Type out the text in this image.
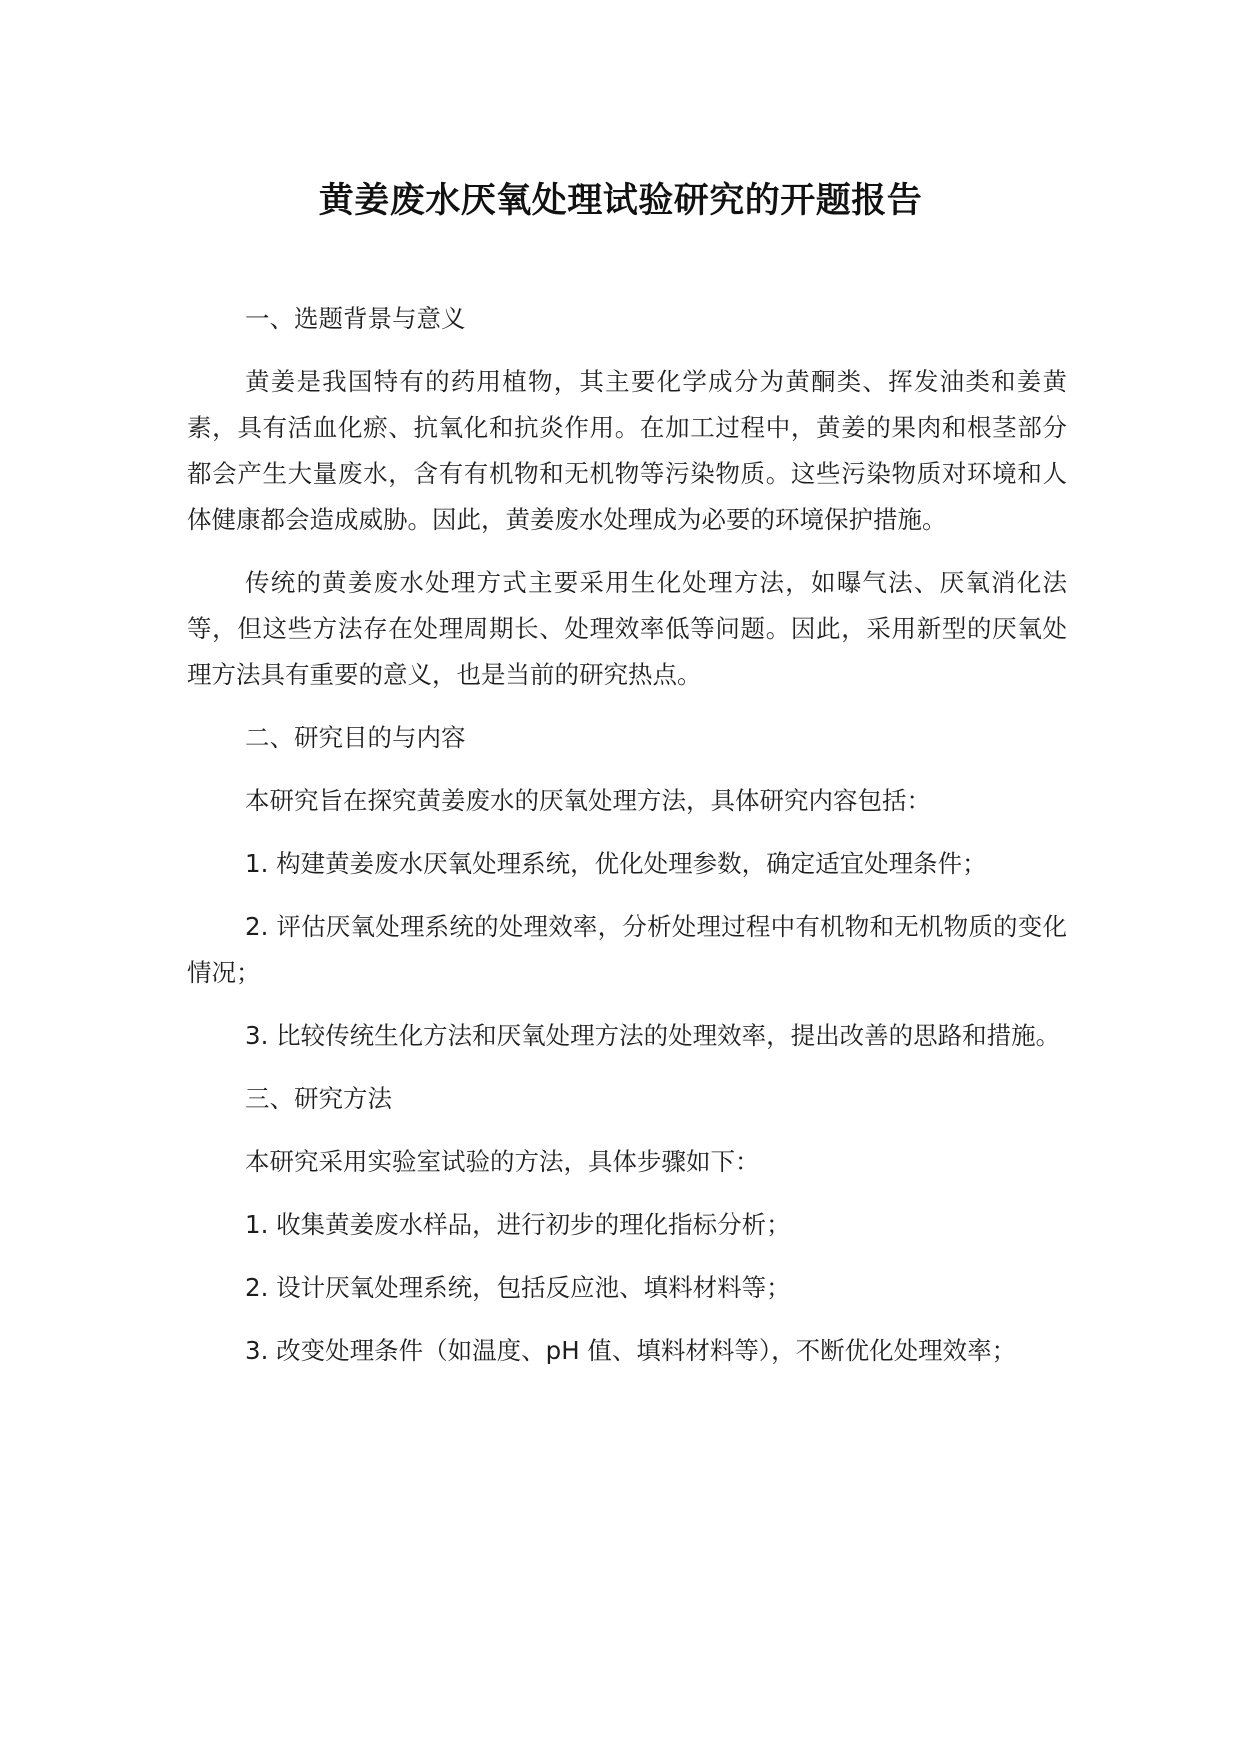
黄姜废水厌氧处理试验研究的开题报告

一、选题背景与意义

黄姜是我国特有的药用植物，其主要化学成分为黄酮类、挥发油类和姜黄素，具有活血化瘀、抗氧化和抗炎作用。在加工过程中，黄姜的果肉和根茎部分都会产生大量废水，含有有机物和无机物等污染物质。这些污染物质对环境和人体健康都会造成威胁。因此，黄姜废水处理成为必要的环境保护措施。

传统的黄姜废水处理方式主要采用生化处理方法，如曝气法、厌氧消化法等，但这些方法存在处理周期长、处理效率低等问题。因此，采用新型的厌氧处理方法具有重要的意义，也是当前的研究热点。

二、研究目的与内容

本研究旨在探究黄姜废水的厌氧处理方法，具体研究内容包括：

1. 构建黄姜废水厌氧处理系统，优化处理参数，确定适宜处理条件；

2. 评估厌氧处理系统的处理效率，分析处理过程中有机物和无机物质的变化情况；

3. 比较传统生化方法和厌氧处理方法的处理效率，提出改善的思路和措施。

三、研究方法

本研究采用实验室试验的方法，具体步骤如下：

1. 收集黄姜废水样品，进行初步的理化指标分析；

2. 设计厌氧处理系统，包括反应池、填料材料等；

3. 改变处理条件（如温度、pH 值、填料材料等），不断优化处理效率；
